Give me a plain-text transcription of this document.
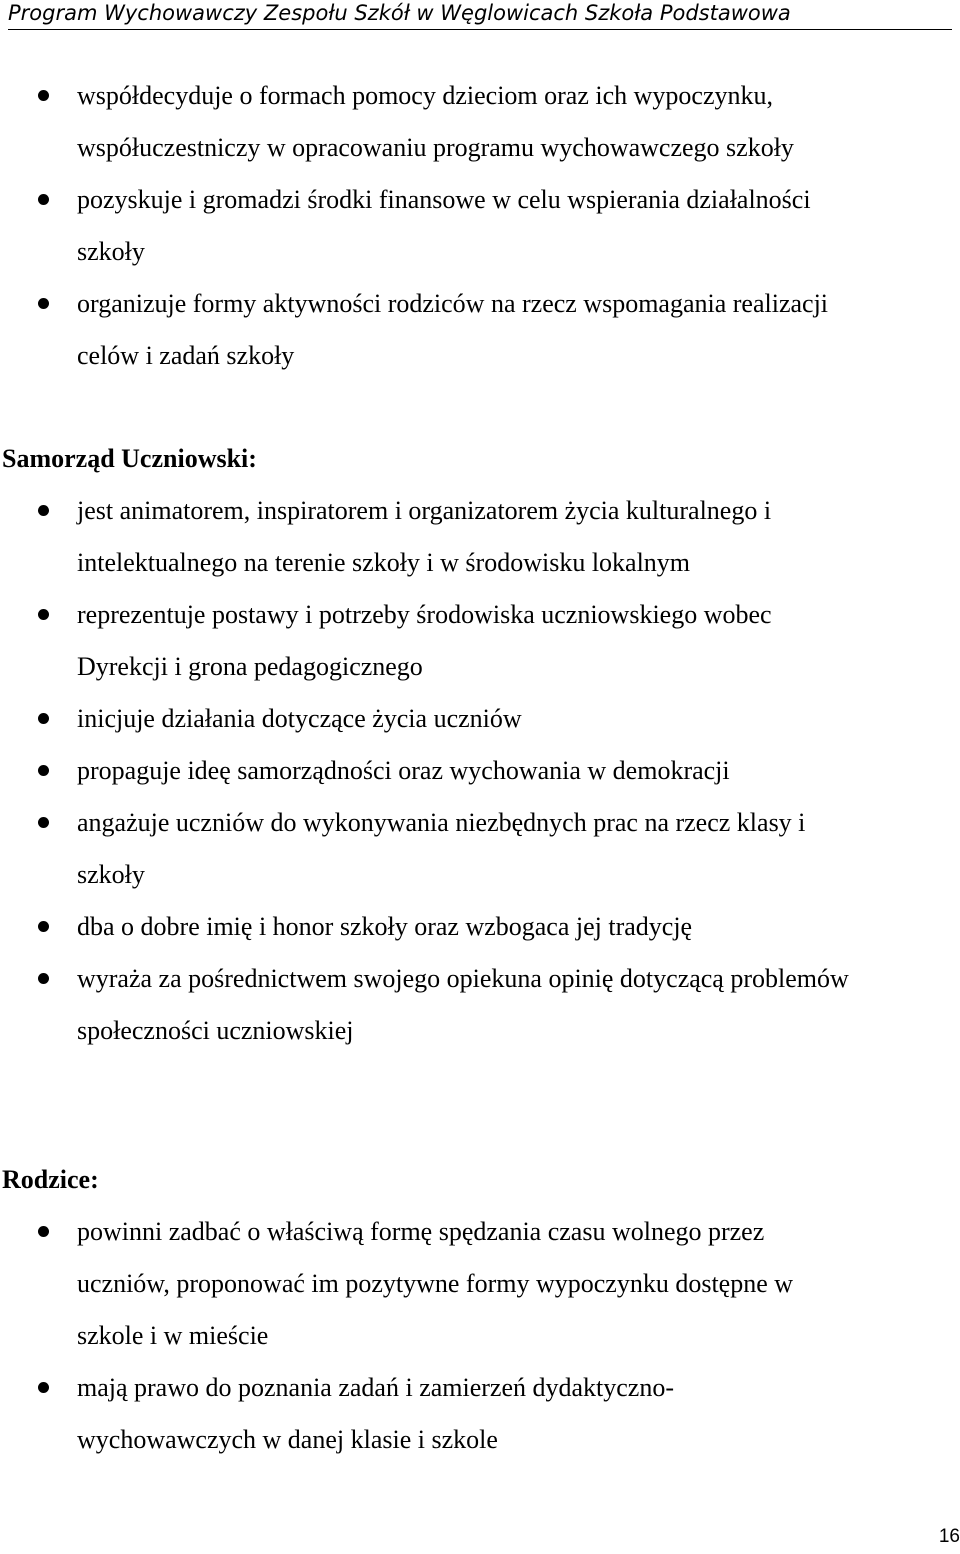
Program Wychowawczy Zespołu Szkół w Węglowicach Szkoła Podstawowa
współdecyduje o formach pomocy dzieciom oraz ich wypoczynku,
współuczestniczy w opracowaniu programu wychowawczego szkoły
pozyskuje i gromadzi środki finansowe w celu wspierania działalności
szkoły
organizuje formy aktywności rodziców na rzecz wspomagania realizacji
celów i zadań szkoły
Samorząd Uczniowski:
jest animatorem, inspiratorem i organizatorem życia kulturalnego i
intelektualnego na terenie szkoły i w środowisku lokalnym
reprezentuje postawy i potrzeby środowiska uczniowskiego wobec
Dyrekcji i grona pedagogicznego
inicjuje działania dotyczące życia uczniów
propaguje ideę samorządności oraz wychowania w demokracji
angażuje uczniów do wykonywania niezbędnych prac na rzecz klasy i
szkoły
dba o dobre imię i honor szkoły oraz wzbogaca jej tradycję
wyraża za pośrednictwem swojego opiekuna opinię dotyczącą problemów
społeczności uczniowskiej
Rodzice:
powinni zadbać o właściwą formę spędzania czasu wolnego przez
uczniów, proponować im pozytywne formy wypoczynku dostępne w
szkole i w mieście
mają prawo do poznania zadań i zamierzeń dydaktyczno-
wychowawczych w danej klasie i szkole
16
